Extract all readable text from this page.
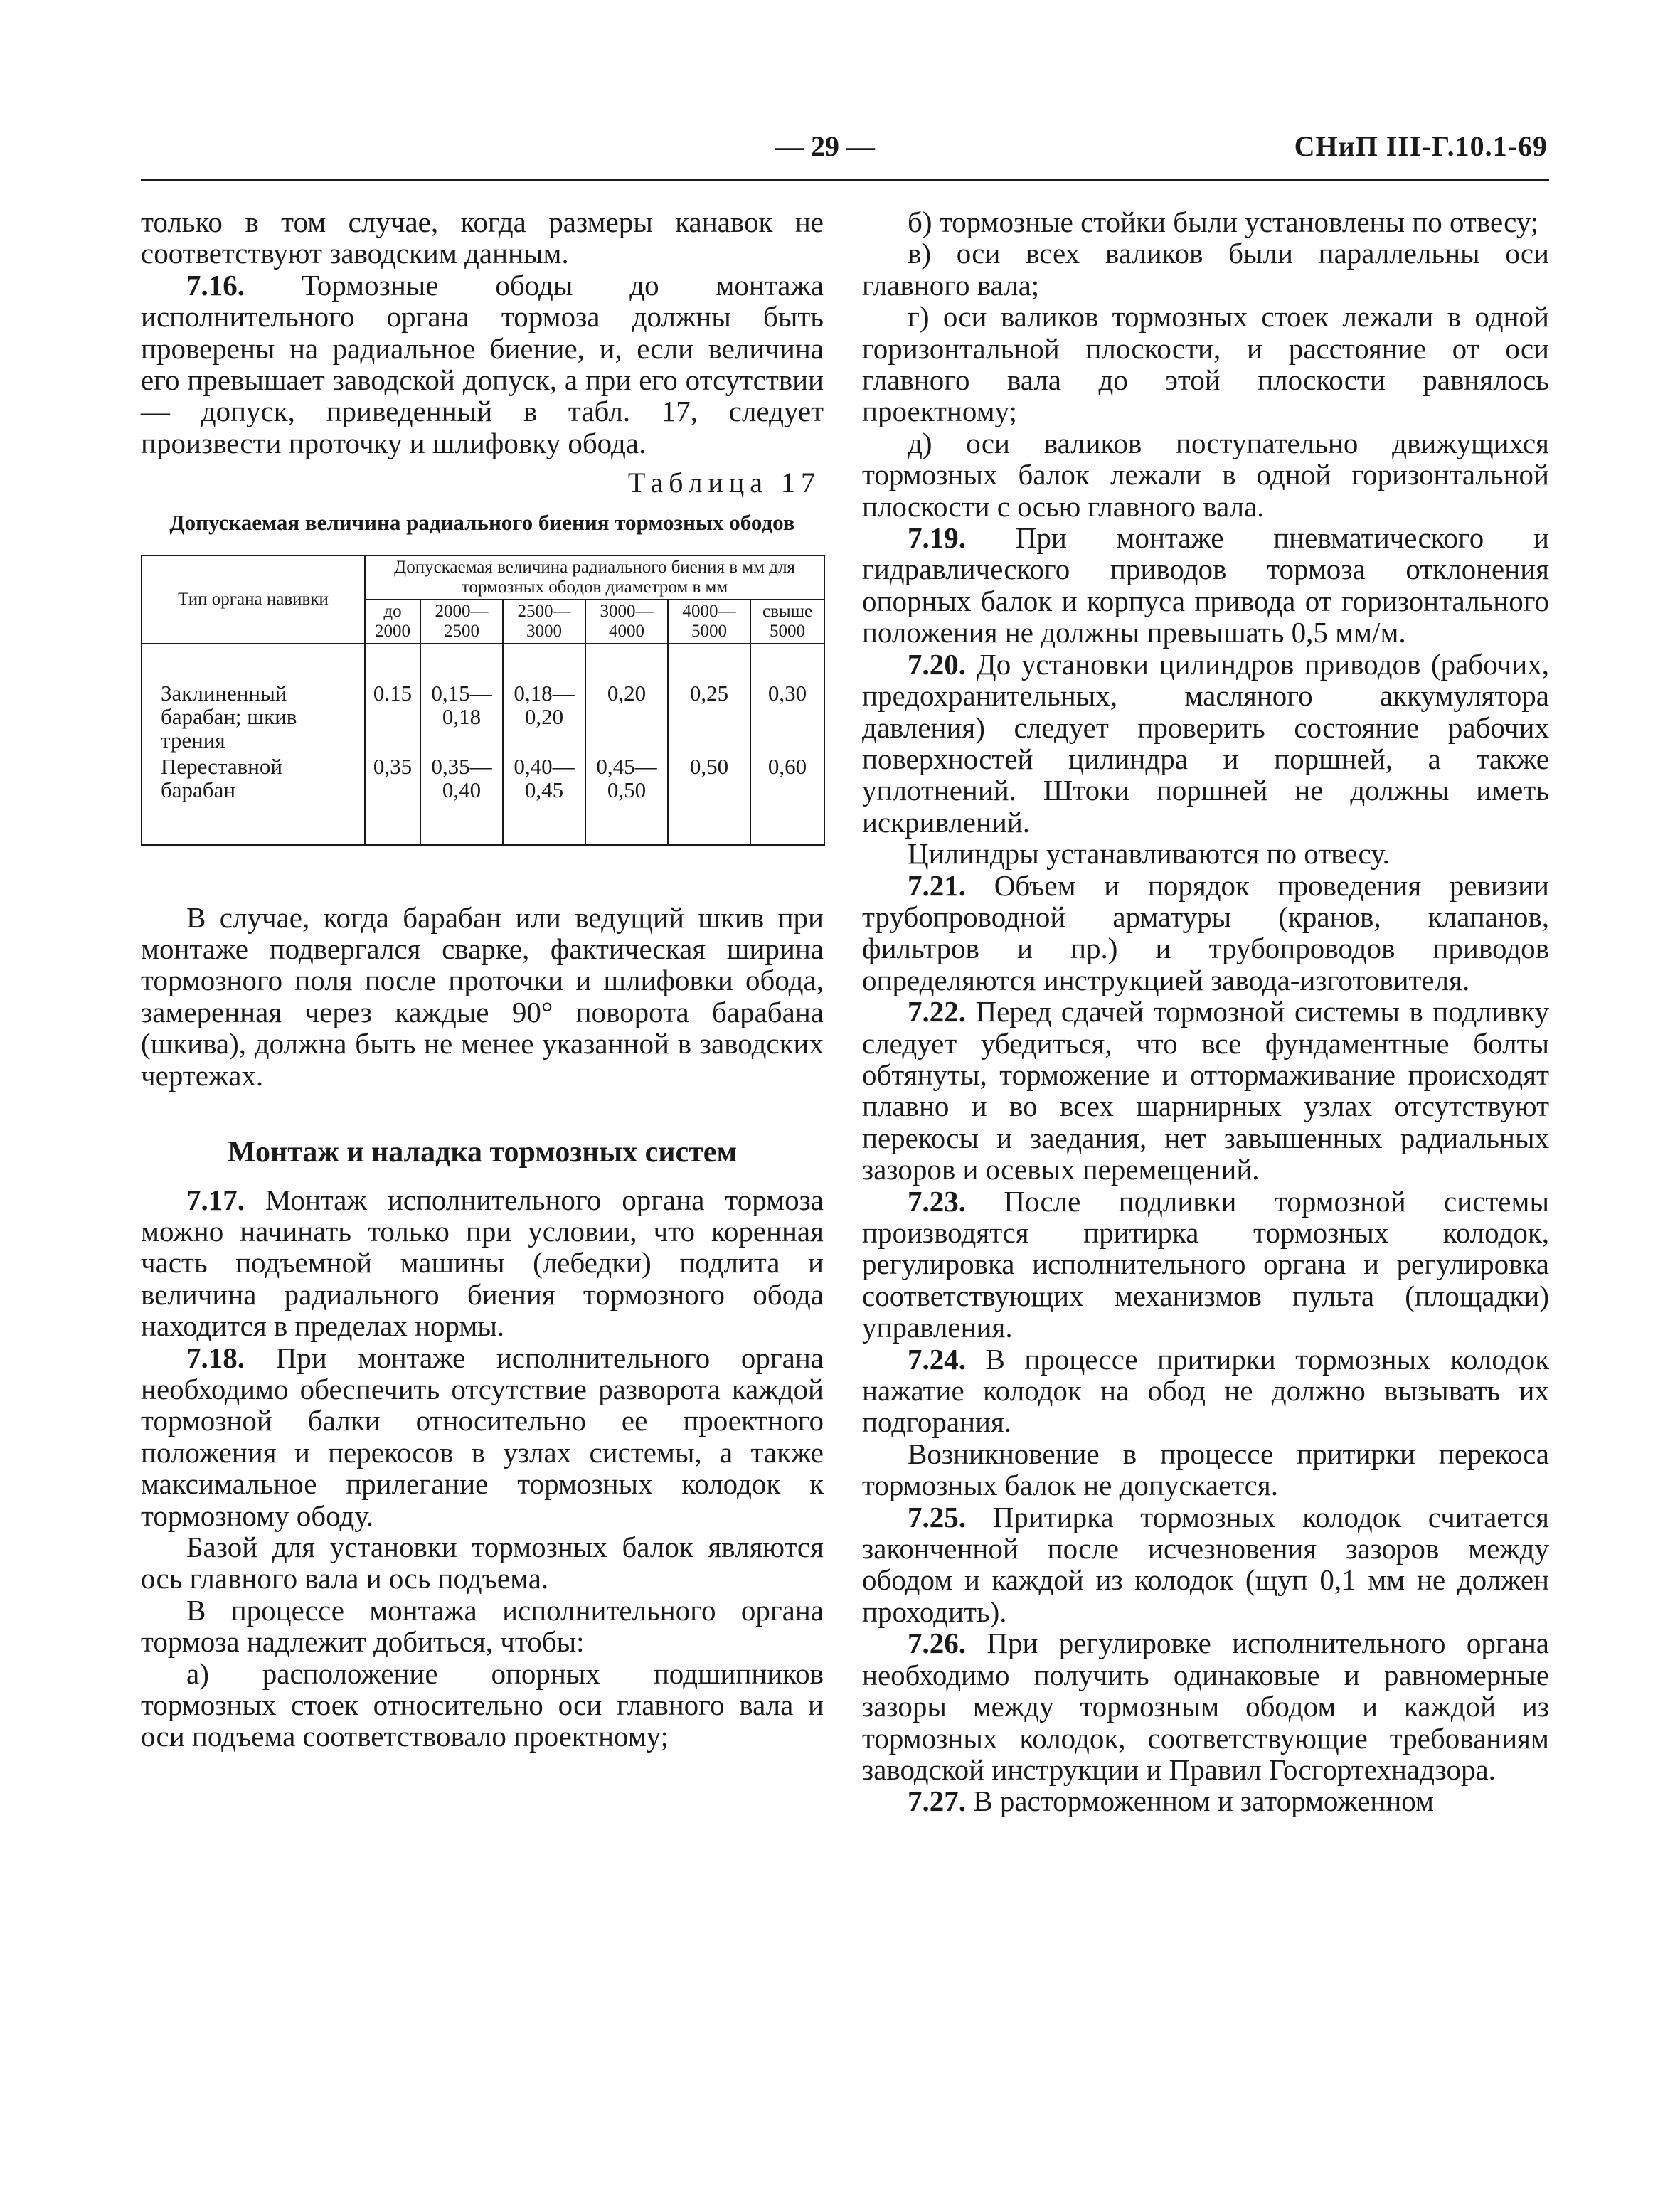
— 29 —	СНиП III-Г.10.1-69

только в том случае, когда размеры канавок не соответствуют заводским данным.

7.16. Тормозные ободы до монтажа исполнительного органа тормоза должны быть проверены на радиальное биение, и, если величина его превышает заводской допуск, а при его отсутствии — допуск, приведенный в табл. 17, следует произвести проточку и шлифовку обода.

Таблица 17
Допускаемая величина радиального биения тормозных ободов
Тип органа навивки	Допускаемая величина радиального биения в мм для тормозных ободов диаметром в мм					
	до 2000	2000—2500	2500—3000	3000—4000	4000—5000	свыше 5000
Заклиненный барабан; шкив трения	0.15	0,15—0,18	0,18—0,20	0,20	0,25	0,30
Переставной барабан	0,35	0,35—0,40	0,40—0,45	0,45—0,50	0,50	0,60

В случае, когда барабан или ведущий шкив при монтаже подвергался сварке, фактическая ширина тормозного поля после проточки и шлифовки обода, замеренная через каждые 90° поворота барабана (шкива), должна быть не менее указанной в заводских чертежах.

Монтаж и наладка тормозных систем

7.17. Монтаж исполнительного органа тормоза можно начинать только при условии, что коренная часть подъемной машины (лебедки) подлита и величина радиального биения тормозного обода находится в пределах нормы.

7.18. При монтаже исполнительного органа необходимо обеспечить отсутствие разворота каждой тормозной балки относительно ее проектного положения и перекосов в узлах системы, а также максимальное прилегание тормозных колодок к тормозному ободу.

Базой для установки тормозных балок являются ось главного вала и ось подъема.

В процессе монтажа исполнительного органа тормоза надлежит добиться, чтобы:

а) расположение опорных подшипников тормозных стоек относительно оси главного вала и оси подъема соответствовало проектному;

б) тормозные стойки были установлены по отвесу;

в) оси всех валиков были параллельны оси главного вала;

г) оси валиков тормозных стоек лежали в одной горизонтальной плоскости, и расстояние от оси главного вала до этой плоскости равнялось проектному;

д) оси валиков поступательно движущихся тормозных балок лежали в одной горизонтальной плоскости с осью главного вала.

7.19. При монтаже пневматического и гидравлического приводов тормоза отклонения опорных балок и корпуса привода от горизонтального положения не должны превышать 0,5 мм/м.

7.20. До установки цилиндров приводов (рабочих, предохранительных, масляного аккумулятора давления) следует проверить состояние рабочих поверхностей цилиндра и поршней, а также уплотнений. Штоки поршней не должны иметь искривлений.

Цилиндры устанавливаются по отвесу.

7.21. Объем и порядок проведения ревизии трубопроводной арматуры (кранов, клапанов, фильтров и пр.) и трубопроводов приводов определяются инструкцией завода-изготовителя.

7.22. Перед сдачей тормозной системы в подливку следует убедиться, что все фундаментные болты обтянуты, торможение и оттормаживание происходят плавно и во всех шарнирных узлах отсутствуют перекосы и заедания, нет завышенных радиальных зазоров и осевых перемещений.

7.23. После подливки тормозной системы производятся притирка тормозных колодок, регулировка исполнительного органа и регулировка соответствующих механизмов пульта (площадки) управления.

7.24. В процессе притирки тормозных колодок нажатие колодок на обод не должно вызывать их подгорания.

Возникновение в процессе притирки перекоса тормозных балок не допускается.

7.25. Притирка тормозных колодок считается законченной после исчезновения зазоров между ободом и каждой из колодок (щуп 0,1 мм не должен проходить).

7.26. При регулировке исполнительного органа необходимо получить одинаковые и равномерные зазоры между тормозным ободом и каждой из тормозных колодок, соответствующие требованиям заводской инструкции и Правил Госгортехнадзора.

7.27. В расторможенном и заторможенном
